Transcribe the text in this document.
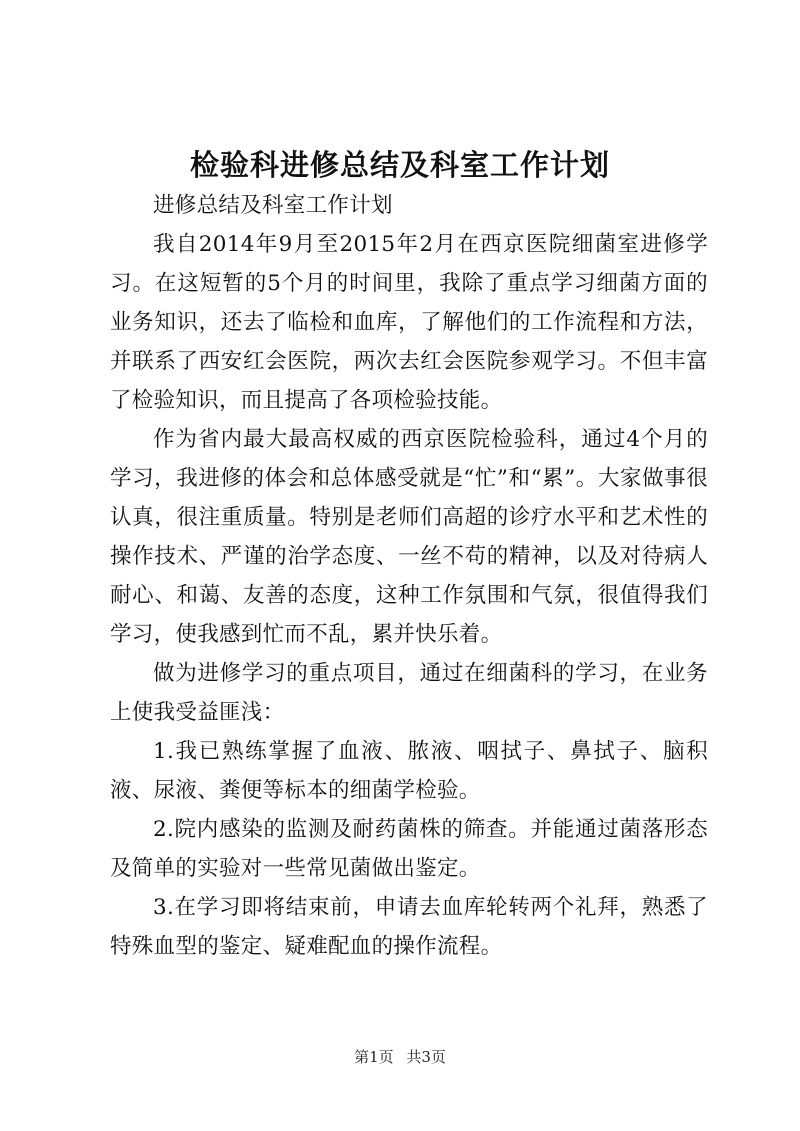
检验科进修总结及科室工作计划

进修总结及科室工作计划

我自2014年9月至2015年2月在西京医院细菌室进修学习。在这短暂的5个月的时间里，我除了重点学习细菌方面的业务知识，还去了临检和血库，了解他们的工作流程和方法，并联系了西安红会医院，两次去红会医院参观学习。不但丰富了检验知识，而且提高了各项检验技能。

作为省内最大最高权威的西京医院检验科，通过4个月的学习，我进修的体会和总体感受就是“忙”和“累”。大家做事很认真，很注重质量。特别是老师们高超的诊疗水平和艺术性的操作技术、严谨的治学态度、一丝不苟的精神，以及对待病人耐心、和蔼、友善的态度，这种工作氛围和气氛，很值得我们学习，使我感到忙而不乱，累并快乐着。

做为进修学习的重点项目，通过在细菌科的学习，在业务上使我受益匪浅：

1.我已熟练掌握了血液、脓液、咽拭子、鼻拭子、脑积液、尿液、粪便等标本的细菌学检验。

2.院内感染的监测及耐药菌株的筛查。并能通过菌落形态及简单的实验对一些常见菌做出鉴定。

3.在学习即将结束前，申请去血库轮转两个礼拜，熟悉了特殊血型的鉴定、疑难配血的操作流程。

第1页 共3页
